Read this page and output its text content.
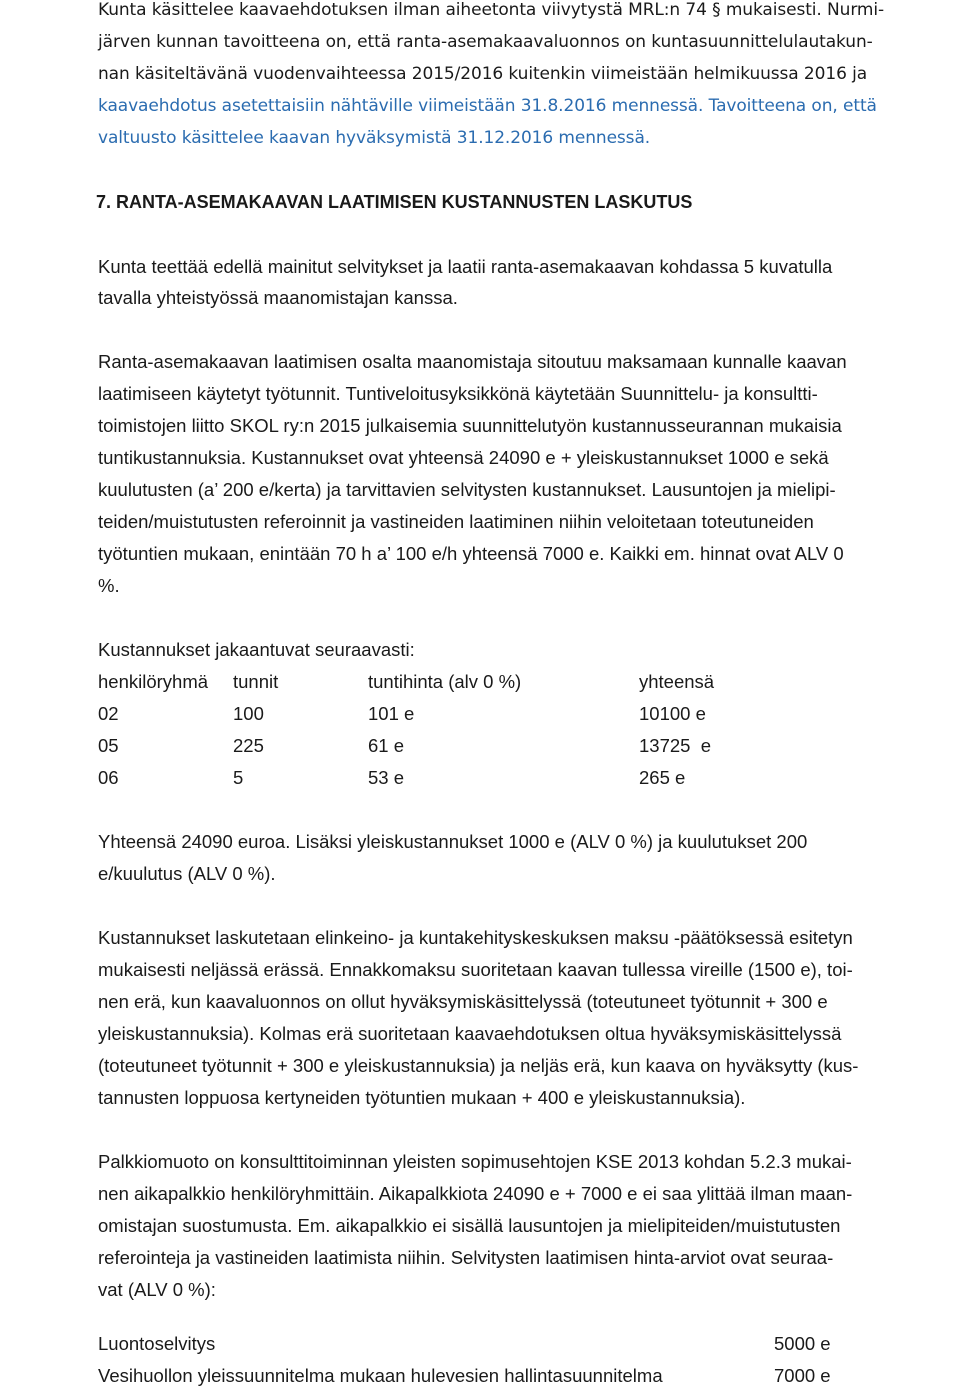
Kunta käsittelee kaavaehdotuksen ilman aiheetonta viivytystä MRL:n 74 § mukaisesti. Nurmi-
järven kunnan tavoitteena on, että ranta-asemakaavaluonnos on kuntasuunnittelulautakun-
nan käsiteltävänä vuodenvaihteessa 2015/2016 kuitenkin viimeistään helmikuussa 2016 ja
kaavaehdotus asetettaisiin nähtäville viimeistään 31.8.2016 mennessä. Tavoitteena on, että
valtuusto käsittelee kaavan hyväksymistä 31.12.2016 mennessä.
7. RANTA-ASEMAKAAVAN LAATIMISEN KUSTANNUSTEN LASKUTUS
Kunta teettää edellä mainitut selvitykset ja laatii ranta-asemakaavan kohdassa 5 kuvatulla
tavalla yhteistyössä maanomistajan kanssa.
Ranta-asemakaavan laatimisen osalta maanomistaja sitoutuu maksamaan kunnalle kaavan
laatimiseen käytetyt työtunnit. Tuntiveloitusyksikkönä käytetään Suunnittelu- ja konsultti-
toimistojen liitto SKOL ry:n 2015 julkaisemia suunnittelutyön kustannusseurannan mukaisia
tuntikustannuksia. Kustannukset ovat yhteensä 24090 e + yleiskustannukset 1000 e sekä
kuulutusten (a’ 200 e/kerta) ja tarvittavien selvitysten kustannukset. Lausuntojen ja mielipi-
teiden/muistutusten referoinnit ja vastineiden laatiminen niihin veloitetaan toteutuneiden
työtuntien mukaan, enintään 70 h a’ 100 e/h yhteensä 7000 e. Kaikki em. hinnat ovat ALV 0
%.
Kustannukset jakaantuvat seuraavasti:
henkilöryhmä tunnit	tuntihinta (alv 0 %)	yhteensä
02	100	101 e	10100 e
05	225	61 e	13725  e
06	5	53 e	265 e
Yhteensä 24090 euroa. Lisäksi yleiskustannukset 1000 e (ALV 0 %) ja kuulutukset 200
e/kuulutus (ALV 0 %).
Kustannukset laskutetaan elinkeino- ja kuntakehityskeskuksen maksu -päätöksessä esitetyn
mukaisesti neljässä erässä. Ennakkomaksu suoritetaan kaavan tullessa vireille (1500 e), toi-
nen erä, kun kaavaluonnos on ollut hyväksymiskäsittelyssä (toteutuneet työtunnit + 300 e
yleiskustannuksia). Kolmas erä suoritetaan kaavaehdotuksen oltua hyväksymiskäsittelyssä
(toteutuneet työtunnit + 300 e yleiskustannuksia) ja neljäs erä, kun kaava on hyväksytty (kus-
tannusten loppuosa kertyneiden työtuntien mukaan + 400 e yleiskustannuksia).
Palkkiomuoto on konsulttitoiminnan yleisten sopimusehtojen KSE 2013 kohdan 5.2.3 mukai-
nen aikapalkkio henkilöryhmittäin. Aikapalkkiota 24090 e + 7000 e ei saa ylittää ilman maan-
omistajan suostumusta. Em. aikapalkkio ei sisällä lausuntojen ja mielipiteiden/muistutusten
referointeja ja vastineiden laatimista niihin. Selvitysten laatimisen hinta-arviot ovat seuraa-
vat (ALV 0 %):
Luontoselvitys	5000 e
Vesihuollon yleissuunnitelma mukaan hulevesien hallintasuunnitelma	7000 e
